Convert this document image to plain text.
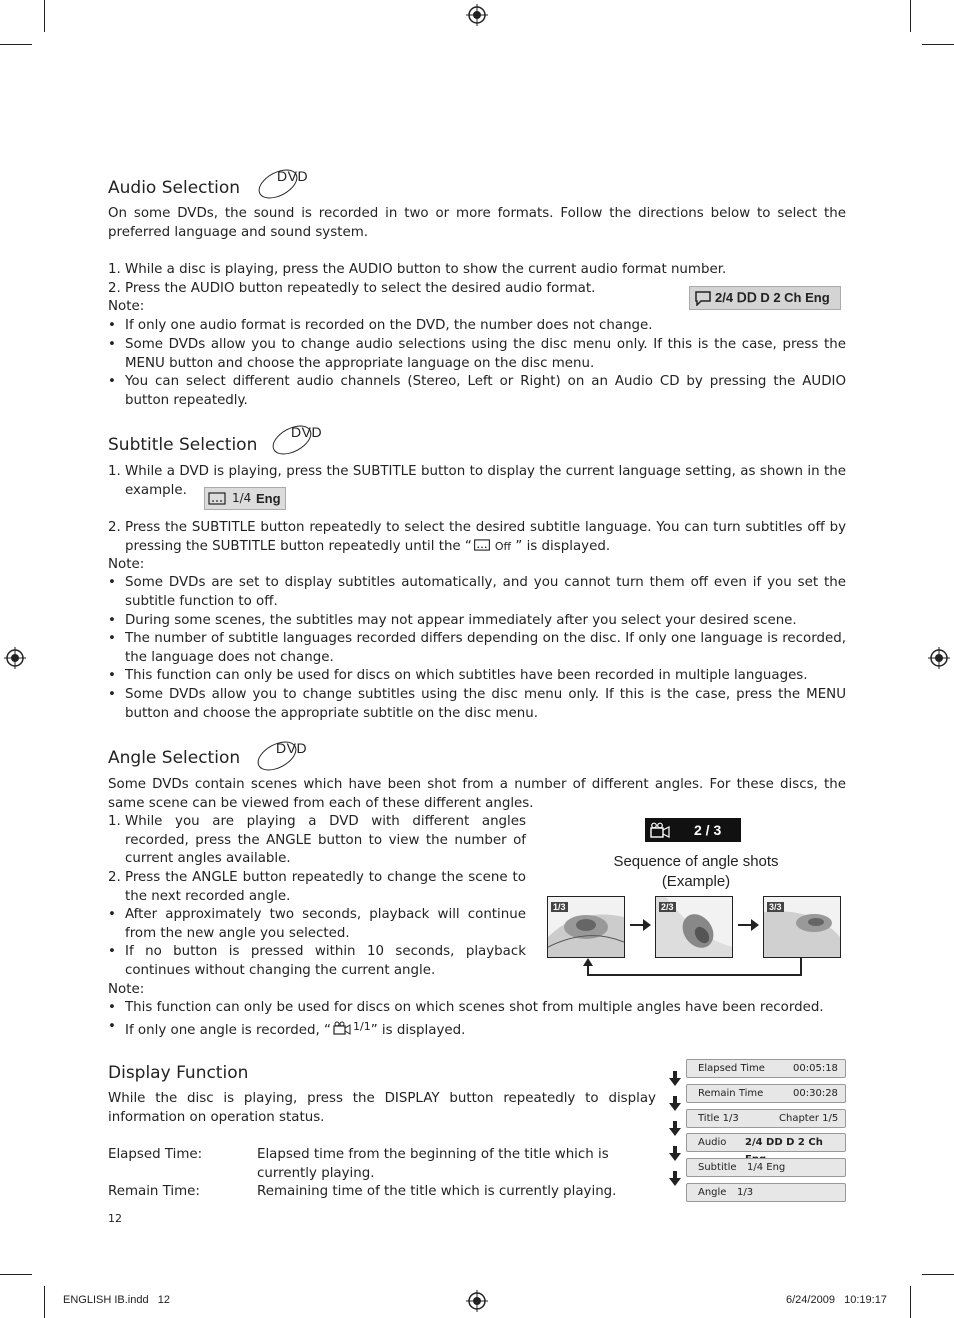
Audio Selection
DVD
On some DVDs, the sound is recorded in two or more formats. Follow the directions below to select the preferred language and sound system.
1. While a disc is playing, press the AUDIO button to show the current audio format number.
2. Press the AUDIO button repeatedly to select the desired audio format.
Note:
• If only one audio format is recorded on the DVD, the number does not change.
• Some DVDs allow you to change audio selections using the disc menu only. If this is the case, press the MENU button and choose the appropriate language on the disc menu.
• You can select different audio channels (Stereo, Left or Right) on an Audio CD by pressing the AUDIO button repeatedly.
2/4 ⅮⅮ D 2 Ch Eng
Subtitle Selection
DVD
1. While a DVD is playing, press the SUBTITLE button to display the current language setting, as shown in the example.
1/4 Eng
2. Press the SUBTITLE button repeatedly to select the desired subtitle language. You can turn subtitles off by pressing the SUBTITLE button repeatedly until the “ Off ” is displayed.
Note:
• Some DVDs are set to display subtitles automatically, and you cannot turn them off even if you set the subtitle function to off.
• During some scenes, the subtitles may not appear immediately after you select your desired scene.
• The number of subtitle languages recorded differs depending on the disc. If only one language is recorded, the language does not change.
• This function can only be used for discs on which subtitles have been recorded in multiple languages.
• Some DVDs allow you to change subtitles using the disc menu only. If this is the case, press the MENU button and choose the appropriate subtitle on the disc menu.
Angle Selection	DVD
Some DVDs contain scenes which have been shot from a number of different angles. For these discs, the same scene can be viewed from each of these different angles.
1. While you are playing a DVD with different angles recorded, press the ANGLE button to view the number of current angles available.
2. Press the ANGLE button repeatedly to change the scene to the next recorded angle.
• After approximately two seconds, playback will continue from the new angle you selected.
• If no button is pressed within 10 seconds, playback continues without changing the current angle.
Note:
• This function can only be used for discs on which scenes shot from multiple angles have been recorded.
• If only one angle is recorded, “ $^{1/1}$” is displayed.
2 / 3
Sequence of angle shots
(Example)
1/3	2/3	3/3
Display Function
While the disc is playing, press the DISPLAY button repeatedly to display information on operation status.
Elapsed Time:	Elapsed time from the beginning of the title which is currently playing.
Remain Time:	Remaining time of the title which is currently playing.
Elapsed Time	00:05:18
Remain Time	00:30:28
Title 1/3	Chapter 1/5
Audio 2/4 ⅮⅮ D 2 Ch
Subtitle 1/4 Eng
Angle 1/3
12
ENGLISH IB.indd   12	6/24/2009   10:19:17
